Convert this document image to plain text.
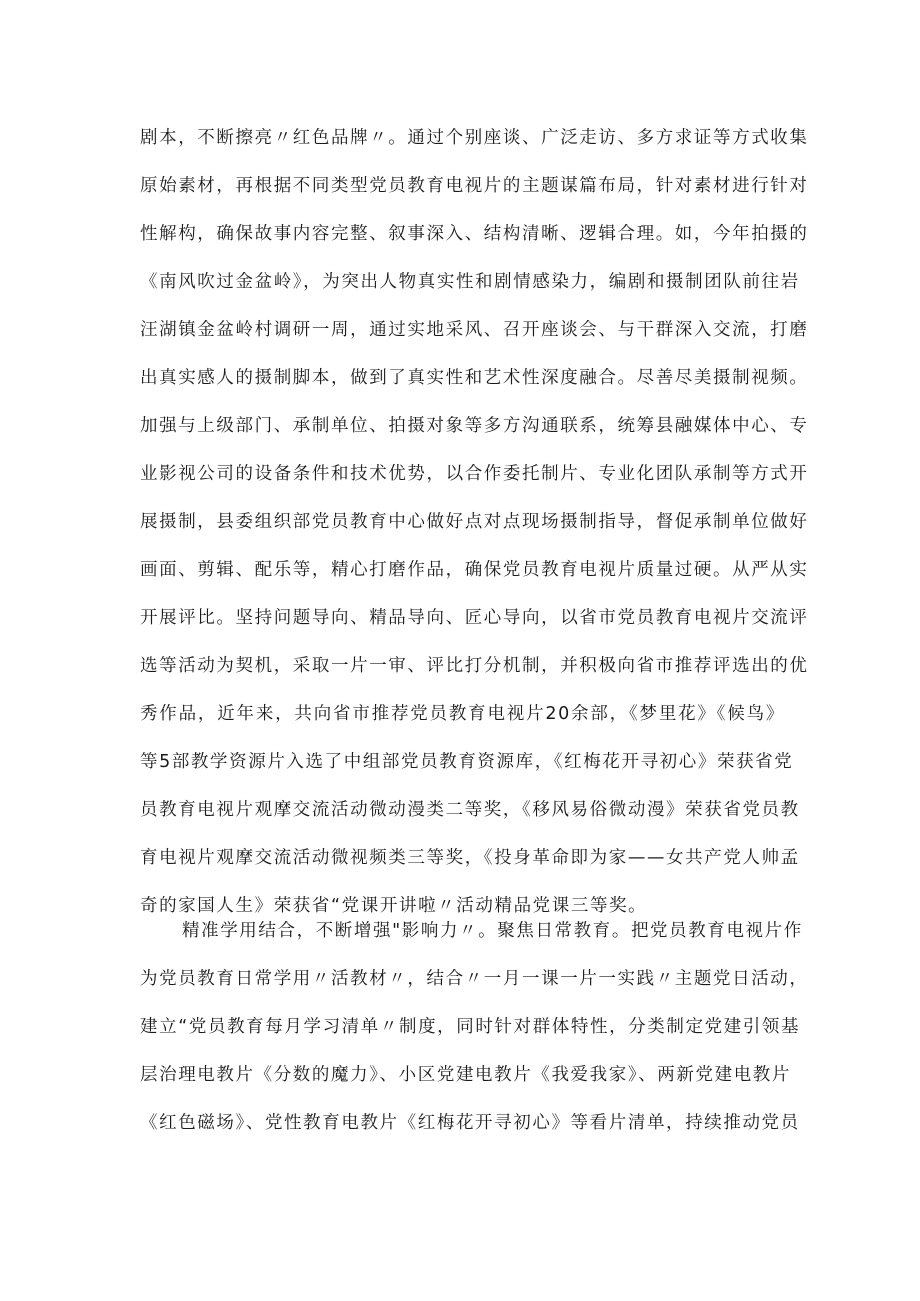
剧本，不断擦亮〃红色品牌〃。通过个别座谈、广泛走访、多方求证等方式收集
原始素材，再根据不同类型党员教育电视片的主题谋篇布局，针对素材进行针对
性解构，确保故事内容完整、叙事深入、结构清晰、逻辑合理。如，今年拍摄的
《南风吹过金盆岭》，为突出人物真实性和剧情感染力，编剧和摄制团队前往岩
汪湖镇金盆岭村调研一周，通过实地采风、召开座谈会、与干群深入交流，打磨
出真实感人的摄制脚本，做到了真实性和艺术性深度融合。尽善尽美摄制视频。
加强与上级部门、承制单位、拍摄对象等多方沟通联系，统筹县融媒体中心、专
业影视公司的设备条件和技术优势，以合作委托制片、专业化团队承制等方式开
展摄制，县委组织部党员教育中心做好点对点现场摄制指导，督促承制单位做好
画面、剪辑、配乐等，精心打磨作品，确保党员教育电视片质量过硬。从严从实
开展评比。坚持问题导向、精品导向、匠心导向，以省市党员教育电视片交流评
选等活动为契机，采取一片一审、评比打分机制，并积极向省市推荐评选出的优
秀作品，近年来，共向省市推荐党员教育电视片20余部，《梦里花》《候鸟》
等5部教学资源片入选了中组部党员教育资源库，《红梅花开寻初心》荣获省党
员教育电视片观摩交流活动微动漫类二等奖，《移风易俗微动漫》荣获省党员教
育电视片观摩交流活动微视频类三等奖，《投身革命即为家——女共产党人帅孟
奇的家国人生》荣获省“党课开讲啦〃活动精品党课三等奖。
精准学用结合，不断增强"影响力〃。聚焦日常教育。把党员教育电视片作
为党员教育日常学用〃活教材〃，结合〃一月一课一片一实践〃主题党日活动，
建立“党员教育每月学习清单〃制度，同时针对群体特性，分类制定党建引领基
层治理电教片《分数的魔力》、小区党建电教片《我爱我家》、两新党建电教片
《红色磁场》、党性教育电教片《红梅花开寻初心》等看片清单，持续推动党员
